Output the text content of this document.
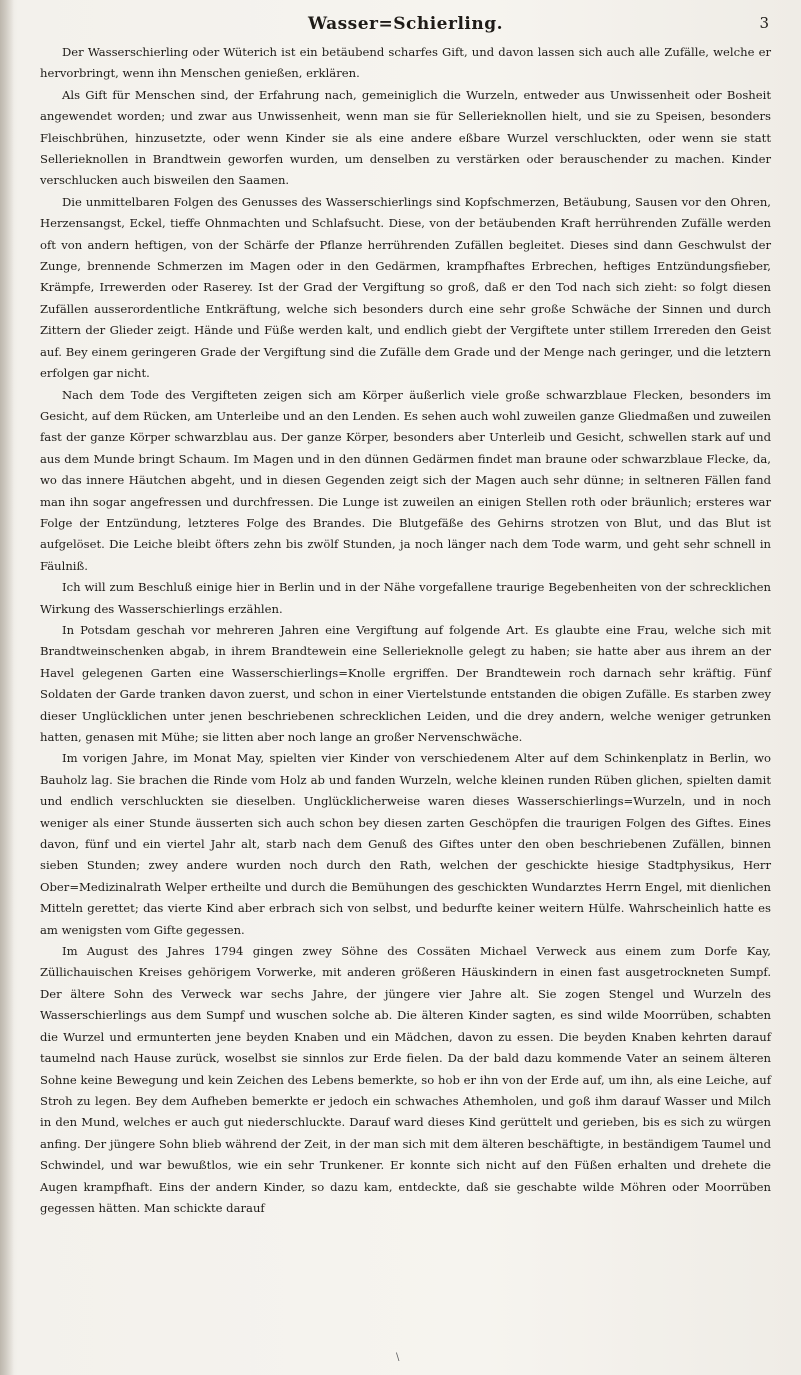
Wasser=Schierling.	3

Der Wasserschierling oder Wüterich ist ein betäubend scharfes Gift, und davon lassen sich auch alle Zufälle, welche er hervorbringt, wenn ihn Menschen genießen, erklären.

Als Gift für Menschen sind, der Erfahrung nach, gemeiniglich die Wurzeln, entweder aus Unwissenheit oder Bosheit angewendet worden; und zwar aus Unwissenheit, wenn man sie für Sellerieknollen hielt, und sie zu Speisen, besonders Fleischbrühen, hinzusetzte, oder wenn Kinder sie als eine andere eßbare Wurzel verschluckten, oder wenn sie statt Sellerieknollen in Brandtwein geworfen wurden, um denselben zu verstärken oder berauschender zu machen. Kinder verschlucken auch bisweilen den Saamen.

Die unmittelbaren Folgen des Genusses des Wasserschierlings sind Kopfschmerzen, Betäubung, Sausen vor den Ohren, Herzensangst, Eckel, tieffe Ohnmachten und Schlafsucht. Diese, von der betäubenden Kraft herrührenden Zufälle werden oft von andern heftigen, von der Schärfe der Pflanze herrührenden Zufällen begleitet. Dieses sind dann Geschwulst der Zunge, brennende Schmerzen im Magen oder in den Gedärmen, krampfhaftes Erbrechen, heftiges Entzündungsfieber, Krämpfe, Irrewerden oder Raserey. Ist der Grad der Vergiftung so groß, daß er den Tod nach sich zieht: so folgt diesen Zufällen ausserordentliche Entkräftung, welche sich besonders durch eine sehr große Schwäche der Sinnen und durch Zittern der Glieder zeigt. Hände und Füße werden kalt, und endlich giebt der Vergiftete unter stillem Irrereden den Geist auf. Bey einem geringeren Grade der Vergiftung sind die Zufälle dem Grade und der Menge nach geringer, und die letztern erfolgen gar nicht.

Nach dem Tode des Vergifteten zeigen sich am Körper äußerlich viele große schwarzblaue Flecken, besonders im Gesicht, auf dem Rücken, am Unterleibe und an den Lenden. Es sehen auch wohl zuweilen ganze Gliedmaßen und zuweilen fast der ganze Körper schwarzblau aus. Der ganze Körper, besonders aber Unterleib und Gesicht, schwellen stark auf und aus dem Munde bringt Schaum. Im Magen und in den dünnen Gedärmen findet man braune oder schwarzblaue Flecke, da, wo das innere Häutchen abgeht, und in diesen Gegenden zeigt sich der Magen auch sehr dünne; in seltneren Fällen fand man ihn sogar angefressen und durchfressen. Die Lunge ist zuweilen an einigen Stellen roth oder bräunlich; ersteres war Folge der Entzündung, letzteres Folge des Brandes. Die Blutgefäße des Gehirns strotzen von Blut, und das Blut ist aufgelöset. Die Leiche bleibt öfters zehn bis zwölf Stunden, ja noch länger nach dem Tode warm, und geht sehr schnell in Fäulniß.

Ich will zum Beschluß einige hier in Berlin und in der Nähe vorgefallene traurige Begebenheiten von der schrecklichen Wirkung des Wasserschierlings erzählen.

In Potsdam geschah vor mehreren Jahren eine Vergiftung auf folgende Art. Es glaubte eine Frau, welche sich mit Brandtweinschenken abgab, in ihrem Brandtewein eine Sellerieknolle gelegt zu haben; sie hatte aber aus ihrem an der Havel gelegenen Garten eine Wasserschierlings=Knolle ergriffen. Der Brandtewein roch darnach sehr kräftig. Fünf Soldaten der Garde tranken davon zuerst, und schon in einer Viertelstunde entstanden die obigen Zufälle. Es starben zwey dieser Unglücklichen unter jenen beschriebenen schrecklichen Leiden, und die drey andern, welche weniger getrunken hatten, genasen mit Mühe; sie litten aber noch lange an großer Nervenschwäche.

Im vorigen Jahre, im Monat May, spielten vier Kinder von verschiedenem Alter auf dem Schinkenplatz in Berlin, wo Bauholz lag. Sie brachen die Rinde vom Holz ab und fanden Wurzeln, welche kleinen runden Rüben glichen, spielten damit und endlich verschluckten sie dieselben. Unglücklicherweise waren dieses Wasserschierlings=Wurzeln, und in noch weniger als einer Stunde äusserten sich auch schon bey diesen zarten Geschöpfen die traurigen Folgen des Giftes. Eines davon, fünf und ein viertel Jahr alt, starb nach dem Genuß des Giftes unter den oben beschriebenen Zufällen, binnen sieben Stunden; zwey andere wurden noch durch den Rath, welchen der geschickte hiesige Stadtphysikus, Herr Ober=Medizinalrath Welper ertheilte und durch die Bemühungen des geschickten Wundarztes Herrn Engel, mit dienlichen Mitteln gerettet; das vierte Kind aber erbrach sich von selbst, und bedurfte keiner weitern Hülfe. Wahrscheinlich hatte es am wenigsten vom Gifte gegessen.

Im August des Jahres 1794 gingen zwey Söhne des Cossäten Michael Verweck aus einem zum Dorfe Kay, Züllichauischen Kreises gehörigem Vorwerke, mit anderen größeren Häuskindern in einen fast ausgetrockneten Sumpf. Der ältere Sohn des Verweck war sechs Jahre, der jüngere vier Jahre alt. Sie zogen Stengel und Wurzeln des Wasserschierlings aus dem Sumpf und wuschen solche ab. Die älteren Kinder sagten, es sind wilde Moorrüben, schabten die Wurzel und ermunterten jene beyden Knaben und ein Mädchen, davon zu essen. Die beyden Knaben kehrten darauf taumelnd nach Hause zurück, woselbst sie sinnlos zur Erde fielen. Da der bald dazu kommende Vater an seinem älteren Sohne keine Bewegung und kein Zeichen des Lebens bemerkte, so hob er ihn von der Erde auf, um ihn, als eine Leiche, auf Stroh zu legen. Bey dem Aufheben bemerkte er jedoch ein schwaches Athemholen, und goß ihm darauf Wasser und Milch in den Mund, welches er auch gut niederschluckte. Darauf ward dieses Kind gerüttelt und gerieben, bis es sich zu würgen anfing. Der jüngere Sohn blieb während der Zeit, in der man sich mit dem älteren beschäftigte, in beständigem Taumel und Schwindel, und war bewußtlos, wie ein sehr Trunkener. Er konnte sich nicht auf den Füßen erhalten und drehete die Augen krampfhaft. Eins der andern Kinder, so dazu kam, entdeckte, daß sie geschabte wilde Möhren oder Moorrüben gegessen hätten. Man schickte darauf

\
